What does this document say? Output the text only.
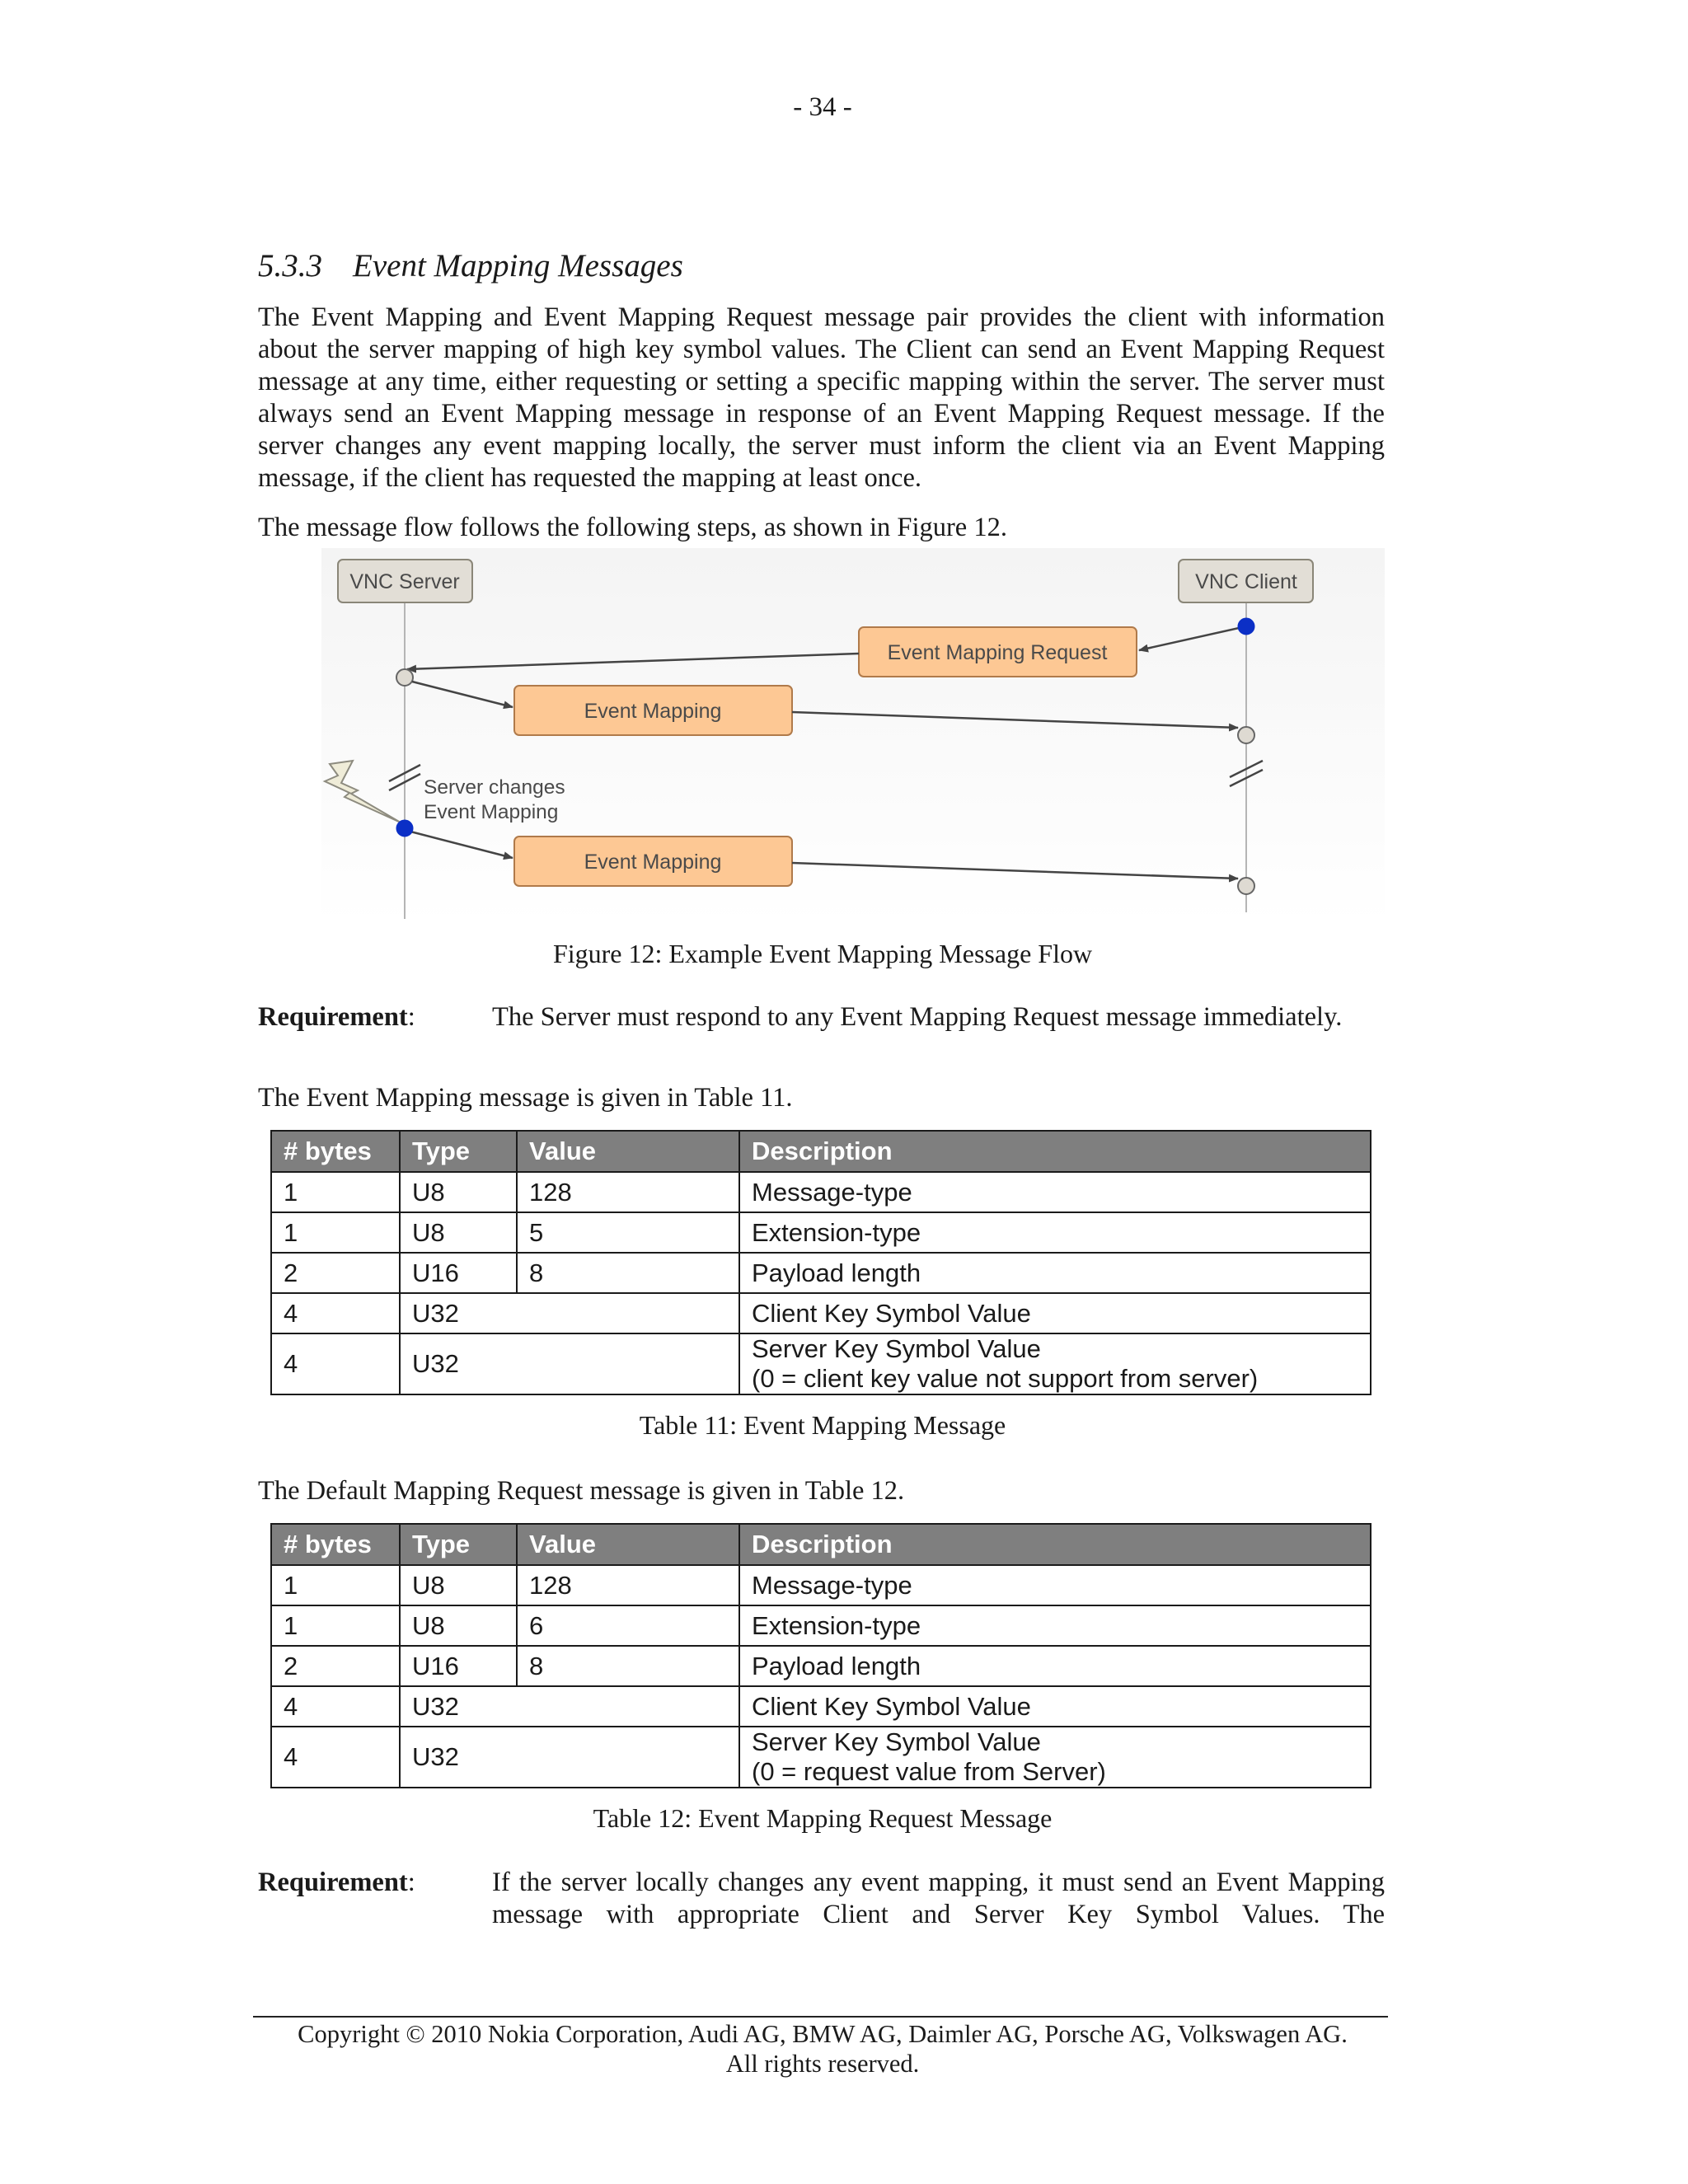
- 34 -
5.3.3 Event Mapping Messages
The Event Mapping and Event Mapping Request message pair provides the client with information about the server mapping of high key symbol values. The Client can send an Event Mapping Request message at any time, either requesting or setting a specific mapping within the server. The server must always send an Event Mapping message in response of an Event Mapping Request message. If the server changes any event mapping locally, the server must inform the client via an Event Mapping message, if the client has requested the mapping at least once.
The message flow follows the following steps, as shown in Figure 12.
VNC Server	VNC Client
Event Mapping Request
Event Mapping
Server changes
Event Mapping
Event Mapping
Figure 12: Example Event Mapping Message Flow
Requirement:	The Server must respond to any Event Mapping Request message immediately.
The Event Mapping message is given in Table 11.
# bytes	Type	Value	Description
1	U8	128	Message-type
1	U8	5	Extension-type
2	U16	8	Payload length
4	U32		Client Key Symbol Value
4	U32		Server Key Symbol Value
(0 = client key value not support from server)
Table 11: Event Mapping Message
The Default Mapping Request message is given in Table 12.
# bytes	Type	Value	Description
1	U8	128	Message-type
1	U8	6	Extension-type
2	U16	8	Payload length
4	U32		Client Key Symbol Value
4	U32		Server Key Symbol Value
(0 = request value from Server)
Table 12: Event Mapping Request Message
Requirement:	If the server locally changes any event mapping, it must send an Event Mapping message with appropriate Client and Server Key Symbol Values. The
Copyright © 2010 Nokia Corporation, Audi AG, BMW AG, Daimler AG, Porsche AG, Volkswagen AG.
All rights reserved.
